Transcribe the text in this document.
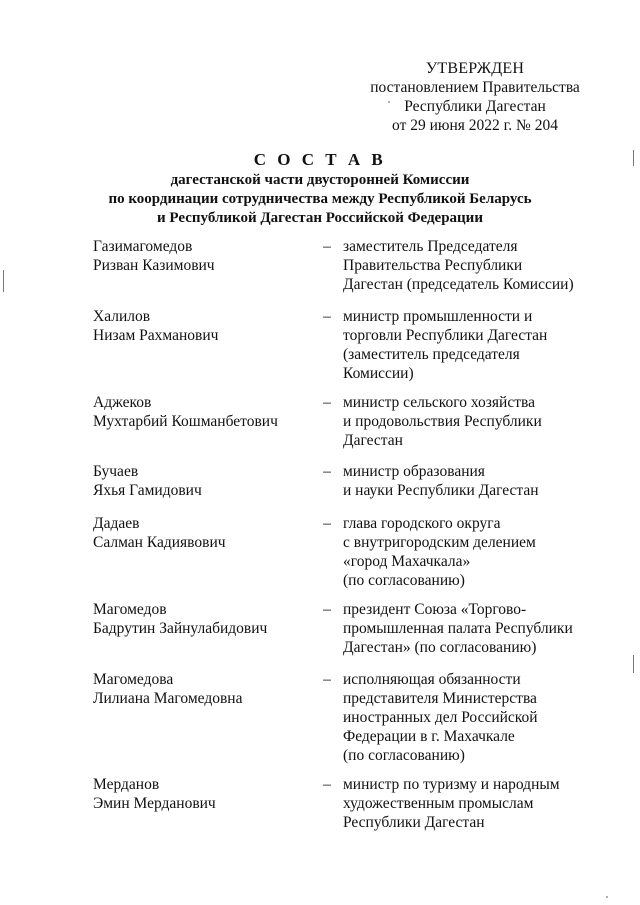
УТВЕРЖДЕН
постановлением Правительства
Республики Дагестан
от 29 июня 2022 г. № 204
С О С Т А В
дагестанской части двусторонней Комиссии
по координации сотрудничества между Республикой Беларусь
и Республикой Дагестан Российской Федерации
Газимагомедов
Ризван Казимович
– заместитель Председателя
Правительства Республики
Дагестан (председатель Комиссии)
Халилов
Низам Рахманович
– министр промышленности и
торговли Республики Дагестан
(заместитель председателя
Комиссии)
Аджеков
Мухтарбий Кошманбетович
– министр сельского хозяйства
и продовольствия Республики
Дагестан
Бучаев
Яхья Гамидович
– министр образования
и науки Республики Дагестан
Дадаев
Салман Кадиявович
– глава городского округа
с внутригородским делением
«город Махачкала»
(по согласованию)
Магомедов
Бадрутин Зайнулабидович
– президент Союза «Торгово-
промышленная палата Республики
Дагестан» (по согласованию)
Магомедова
Лилиана Магомедовна
– исполняющая обязанности
представителя Министерства
иностранных дел Российской
Федерации в г. Махачкале
(по согласованию)
Мерданов
Эмин Мерданович
– министр по туризму и народным
художественным промыслам
Республики Дагестан
